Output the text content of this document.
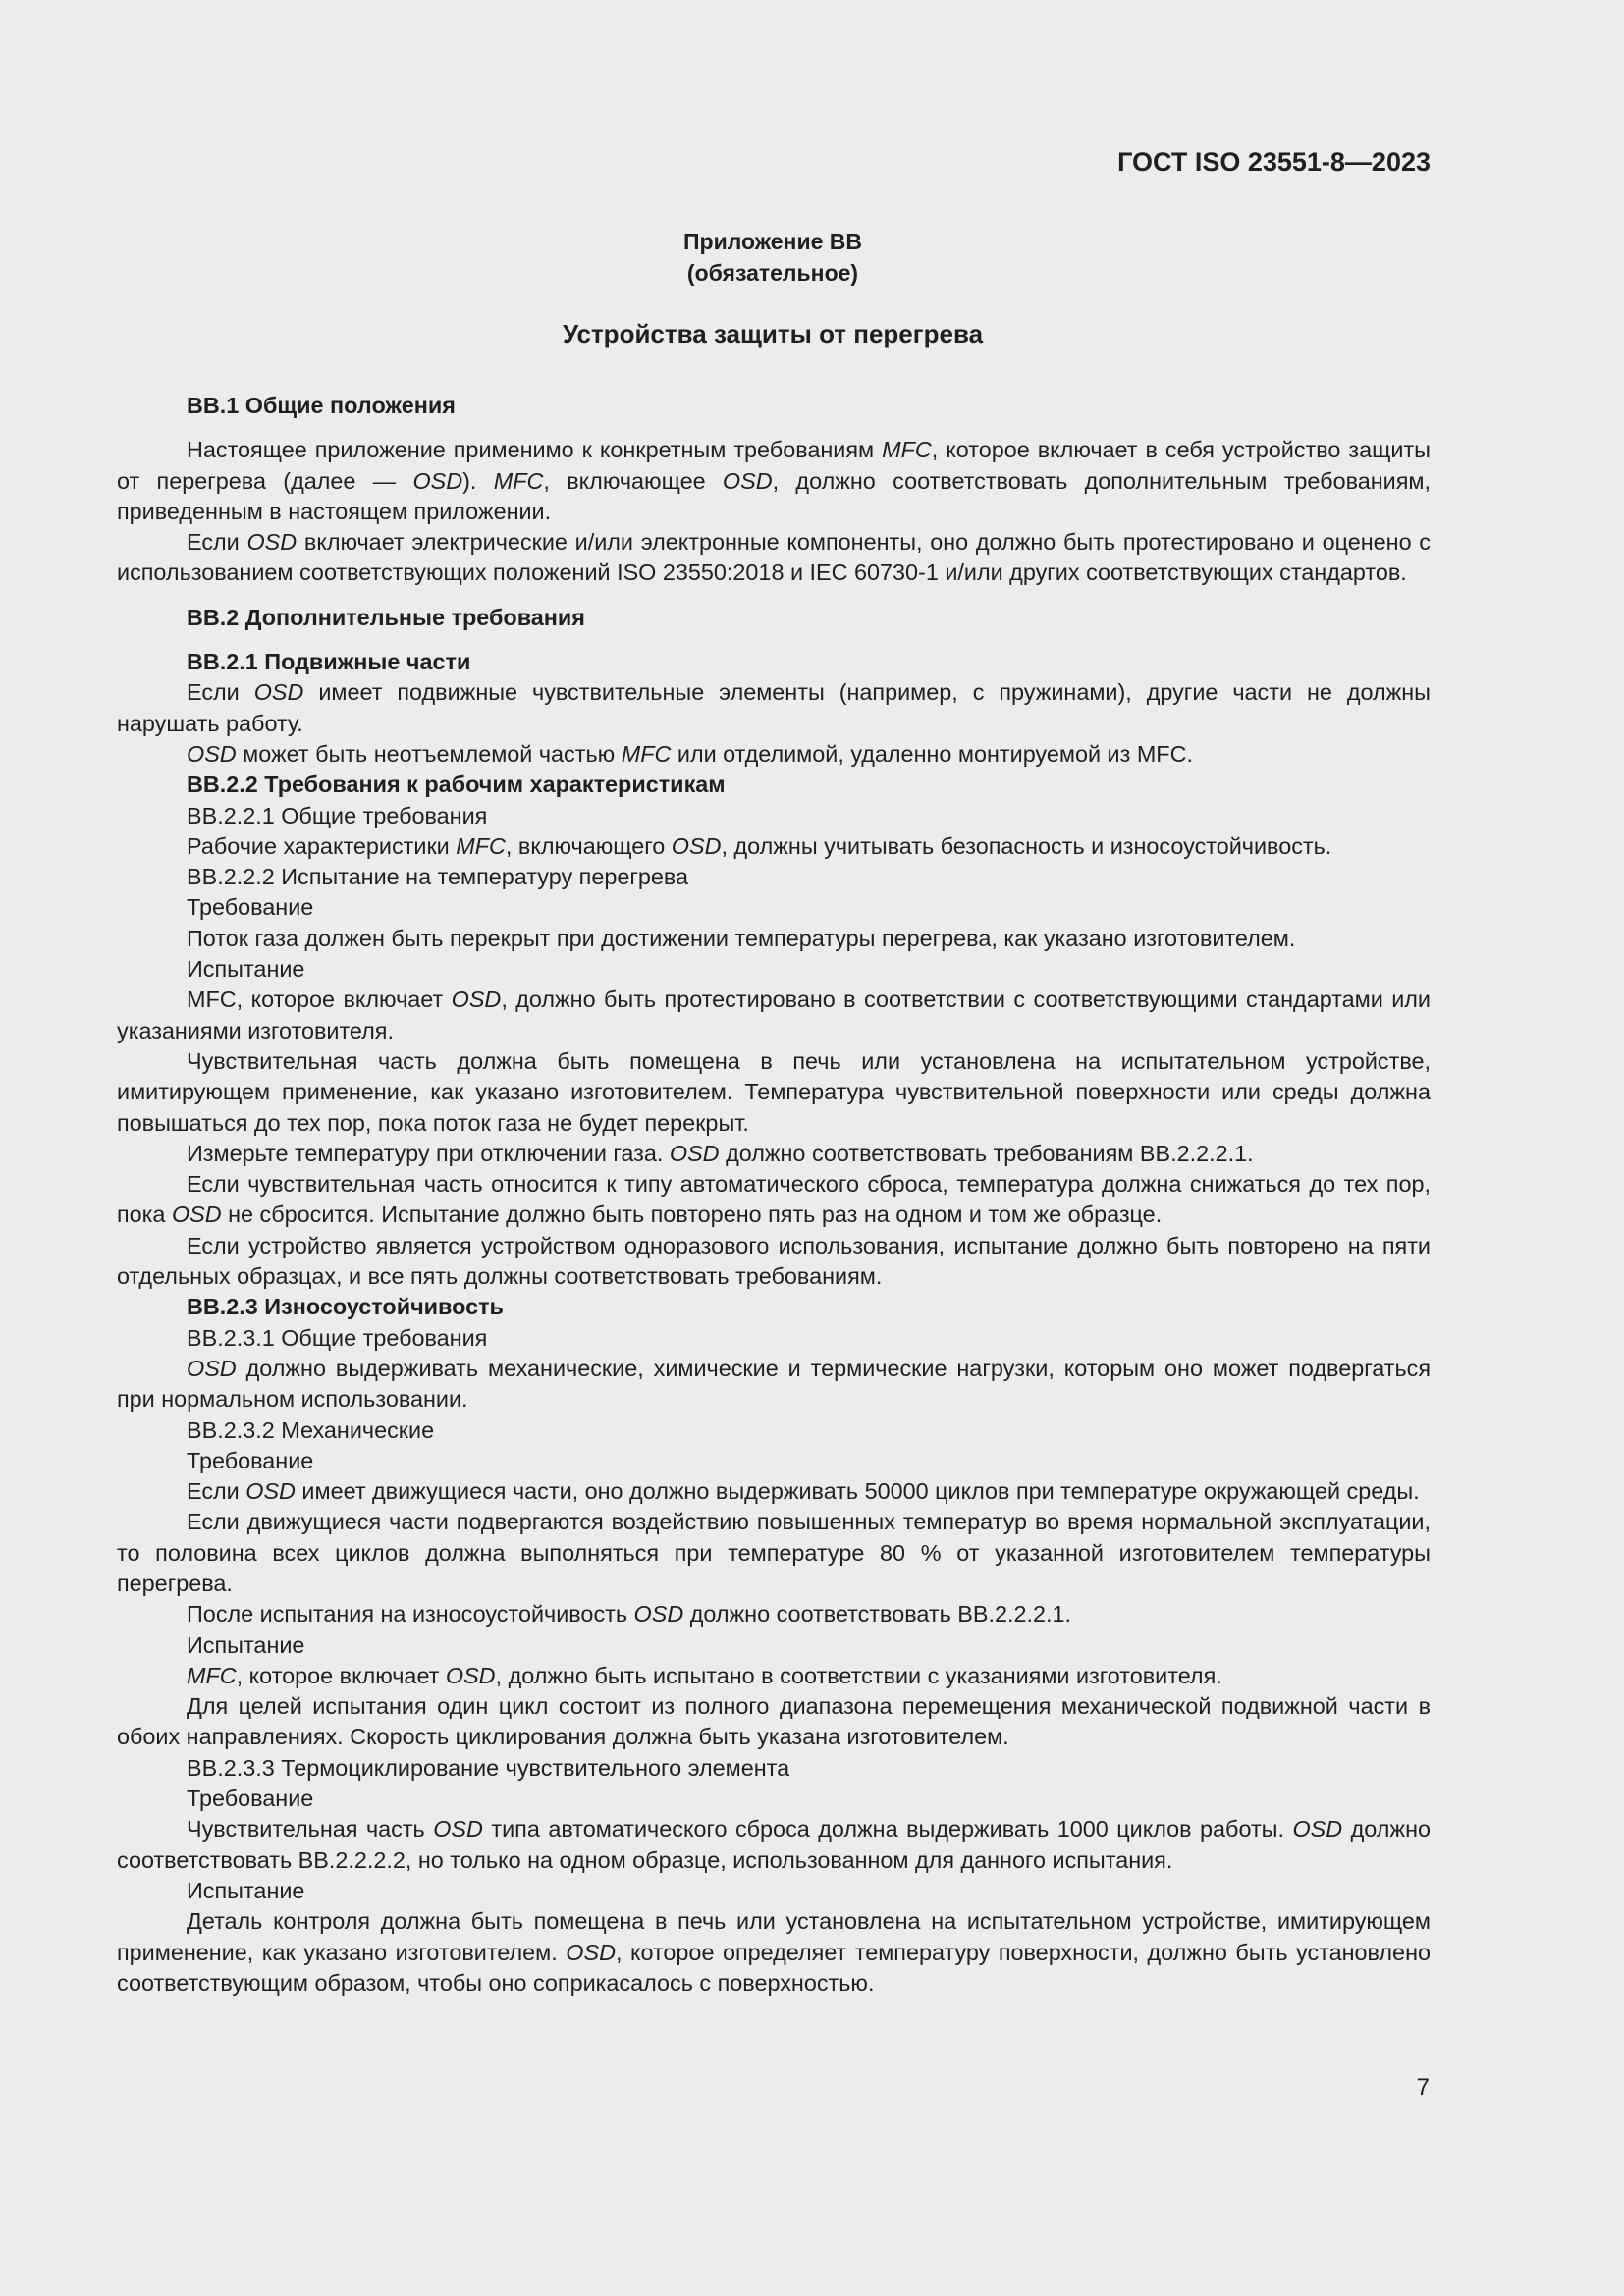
ГОСТ ISO 23551-8—2023
Приложение ВВ
(обязательное)
Устройства защиты от перегрева

ВВ.1 Общие положения

Настоящее приложение применимо к конкретным требованиям MFC, которое включает в себя устройство защиты от перегрева (далее — OSD). MFC, включающее OSD, должно соответствовать дополнительным требованиям, приведенным в настоящем приложении.

Если OSD включает электрические и/или электронные компоненты, оно должно быть протестировано и оценено с использованием соответствующих положений ISO 23550:2018 и IEC 60730-1 и/или других соответствующих стандартов.

ВВ.2 Дополнительные требования

ВВ.2.1 Подвижные части

Если OSD имеет подвижные чувствительные элементы (например, с пружинами), другие части не должны нарушать работу.

OSD может быть неотъемлемой частью MFC или отделимой, удаленно монтируемой из MFC.

ВВ.2.2 Требования к рабочим характеристикам

ВВ.2.2.1 Общие требования

Рабочие характеристики MFC, включающего OSD, должны учитывать безопасность и износоустойчивость.

ВВ.2.2.2 Испытание на температуру перегрева

Требование

Поток газа должен быть перекрыт при достижении температуры перегрева, как указано изготовителем.

Испытание

MFC, которое включает OSD, должно быть протестировано в соответствии с соответствующими стандартами или указаниями изготовителя.

Чувствительная часть должна быть помещена в печь или установлена на испытательном устройстве, имитирующем применение, как указано изготовителем. Температура чувствительной поверхности или среды должна повышаться до тех пор, пока поток газа не будет перекрыт.

Измерьте температуру при отключении газа. OSD должно соответствовать требованиям ВВ.2.2.2.1.

Если чувствительная часть относится к типу автоматического сброса, температура должна снижаться до тех пор, пока OSD не сбросится. Испытание должно быть повторено пять раз на одном и том же образце.

Если устройство является устройством одноразового использования, испытание должно быть повторено на пяти отдельных образцах, и все пять должны соответствовать требованиям.

ВВ.2.3 Износоустойчивость

ВВ.2.3.1 Общие требования

OSD должно выдерживать механические, химические и термические нагрузки, которым оно может подвергаться при нормальном использовании.

ВВ.2.3.2 Механические

Требование

Если OSD имеет движущиеся части, оно должно выдерживать 50000 циклов при температуре окружающей среды.

Если движущиеся части подвергаются воздействию повышенных температур во время нормальной эксплуатации, то половина всех циклов должна выполняться при температуре 80 % от указанной изготовителем температуры перегрева.

После испытания на износоустойчивость OSD должно соответствовать ВВ.2.2.2.1.

Испытание

MFC, которое включает OSD, должно быть испытано в соответствии с указаниями изготовителя.

Для целей испытания один цикл состоит из полного диапазона перемещения механической подвижной части в обоих направлениях. Скорость циклирования должна быть указана изготовителем.

ВВ.2.3.3 Термоциклирование чувствительного элемента

Требование

Чувствительная часть OSD типа автоматического сброса должна выдерживать 1000 циклов работы. OSD должно соответствовать ВВ.2.2.2.2, но только на одном образце, использованном для данного испытания.

Испытание

Деталь контроля должна быть помещена в печь или установлена на испытательном устройстве, имитирующем применение, как указано изготовителем. OSD, которое определяет температуру поверхности, должно быть установлено соответствующим образом, чтобы оно соприкасалось с поверхностью.

7
